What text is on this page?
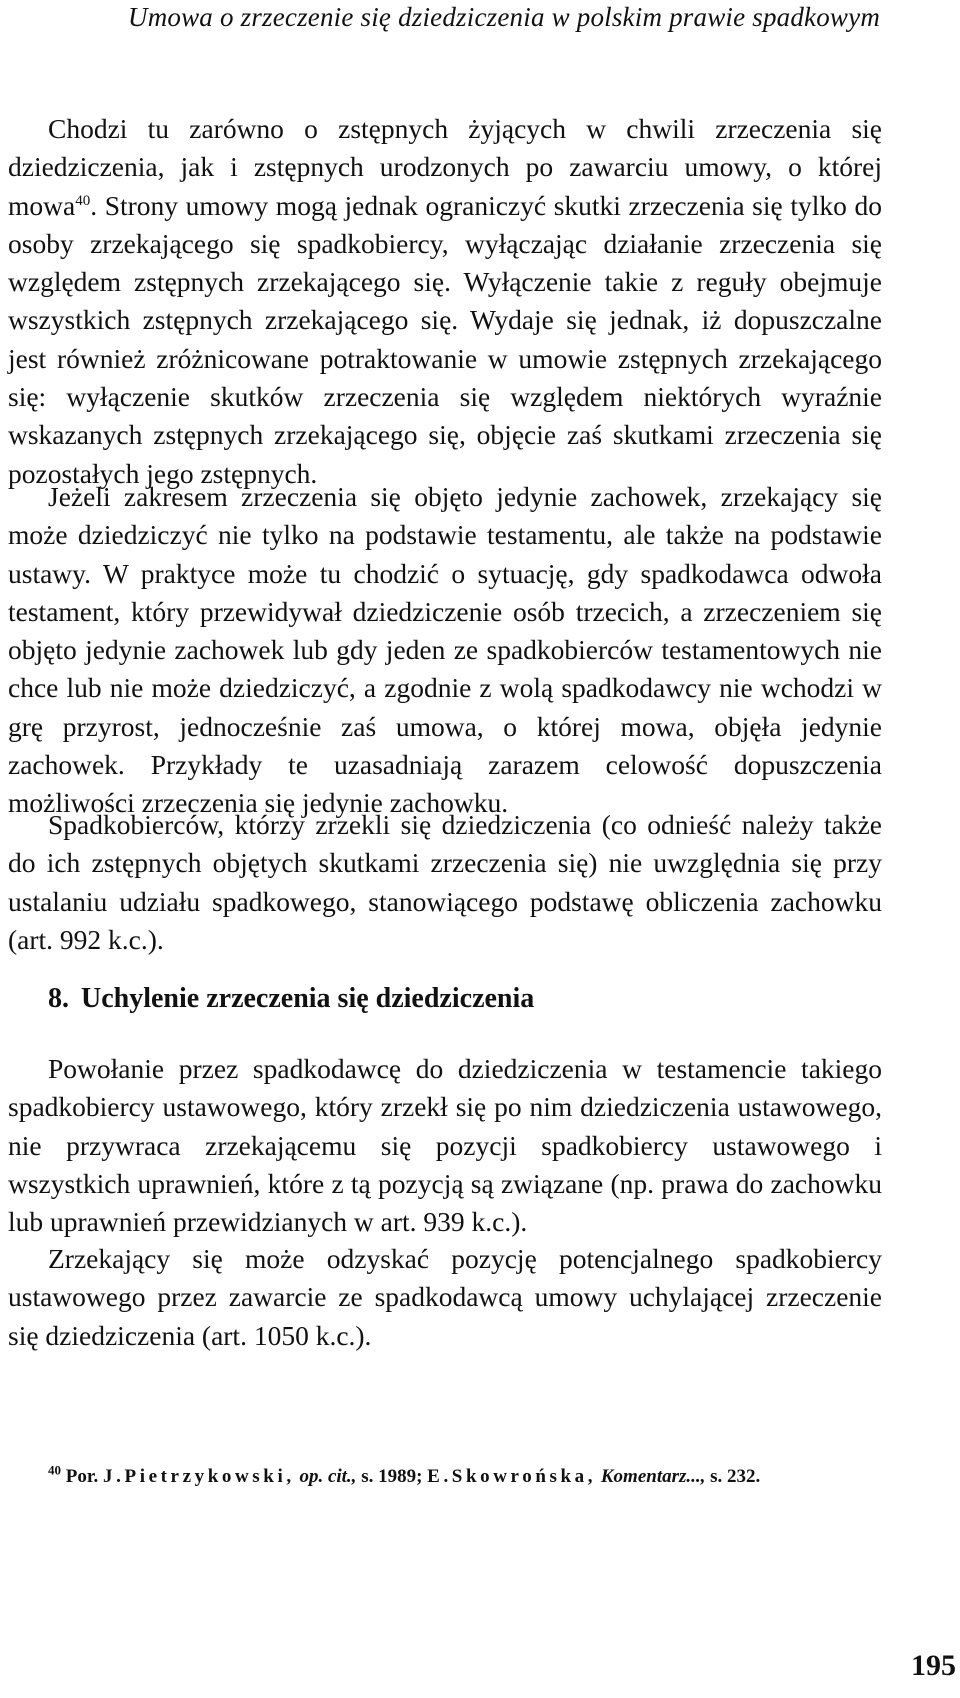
Umowa o zrzeczenie się dziedziczenia w polskim prawie spadkowym

Chodzi tu zarówno o zstępnych żyjących w chwili zrzeczenia się dziedziczenia, jak i zstępnych urodzonych po zawarciu umowy, o której mowa$^{40}$. Strony umowy mogą jednak ograniczyć skutki zrzeczenia się tylko do osoby zrzekającego się spadkobiercy, wyłączając działanie zrzeczenia się względem zstępnych zrzekającego się. Wyłączenie takie z reguły obejmuje wszystkich zstępnych zrzekającego się. Wydaje się jednak, iż dopuszczalne jest również zróżnicowane potraktowanie w umowie zstępnych zrzekającego się: wyłączenie skutków zrzeczenia się względem niektórych wyraźnie wskazanych zstępnych zrzekającego się, objęcie zaś skutkami zrzeczenia się pozostałych jego zstępnych.

Jeżeli zakresem zrzeczenia się objęto jedynie zachowek, zrzekający się może dziedziczyć nie tylko na podstawie testamentu, ale także na podstawie ustawy. W praktyce może tu chodzić o sytuację, gdy spadkodawca odwoła testament, który przewidywał dziedziczenie osób trzecich, a zrzeczeniem się objęto jedynie zachowek lub gdy jeden ze spadkobierców testamentowych nie chce lub nie może dziedziczyć, a zgodnie z wolą spadkodawcy nie wchodzi w grę przyrost, jednocześnie zaś umowa, o której mowa, objęła jedynie zachowek. Przykłady te uzasadniają zarazem celowość dopuszczenia możliwości zrzeczenia się jedynie zachowku.

Spadkobierców, którzy zrzekli się dziedziczenia (co odnieść należy także do ich zstępnych objętych skutkami zrzeczenia się) nie uwzględnia się przy ustalaniu udziału spadkowego, stanowiącego podstawę obliczenia zachowku (art. 992 k.c.).

8. Uchylenie zrzeczenia się dziedziczenia

Powołanie przez spadkodawcę do dziedziczenia w testamencie takiego spadkobiercy ustawowego, który zrzekł się po nim dziedziczenia ustawowego, nie przywraca zrzekającemu się pozycji spadkobiercy ustawowego i wszystkich uprawnień, które z tą pozycją są związane (np. prawa do zachowku lub uprawnień przewidzianych w art. 939 k.c.).

Zrzekający się może odzyskać pozycję potencjalnego spadkobiercy ustawowego przez zawarcie ze spadkodawcą umowy uchylającej zrzeczenie się dziedziczenia (art. 1050 k.c.).

$^{40}$ Por. J.Pietrzykowski, op. cit., s. 1989; E.Skowrońska, Komentarz..., s. 232.
195
